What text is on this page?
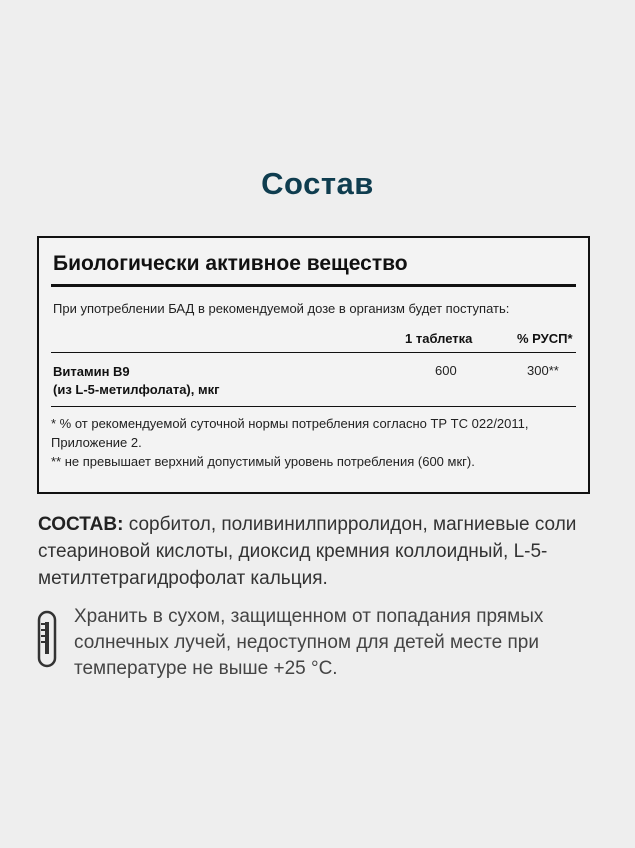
Состав
Биологически активное вещество
При употреблении БАД в рекомендуемой дозе в организм будет поступать:
1 таблетка	% РУСП*
Витамин В9
(из L-5-метилфолата), мкг
600	300**
* % от рекомендуемой суточной нормы потребления согласно ТР ТС 022/2011, Приложение 2.
** не превышает верхний допустимый уровень потребления (600 мкг).
СОСТАВ: сорбитол, поливинилпирролидон, магниевые соли стеариновой кислоты, диоксид кремния коллоидный, L-5-метилтетрагидрофолат кальция.
Хранить в сухом, защищенном от попадания прямых солнечных лучей, недоступном для детей месте при температуре не выше +25 °C.
